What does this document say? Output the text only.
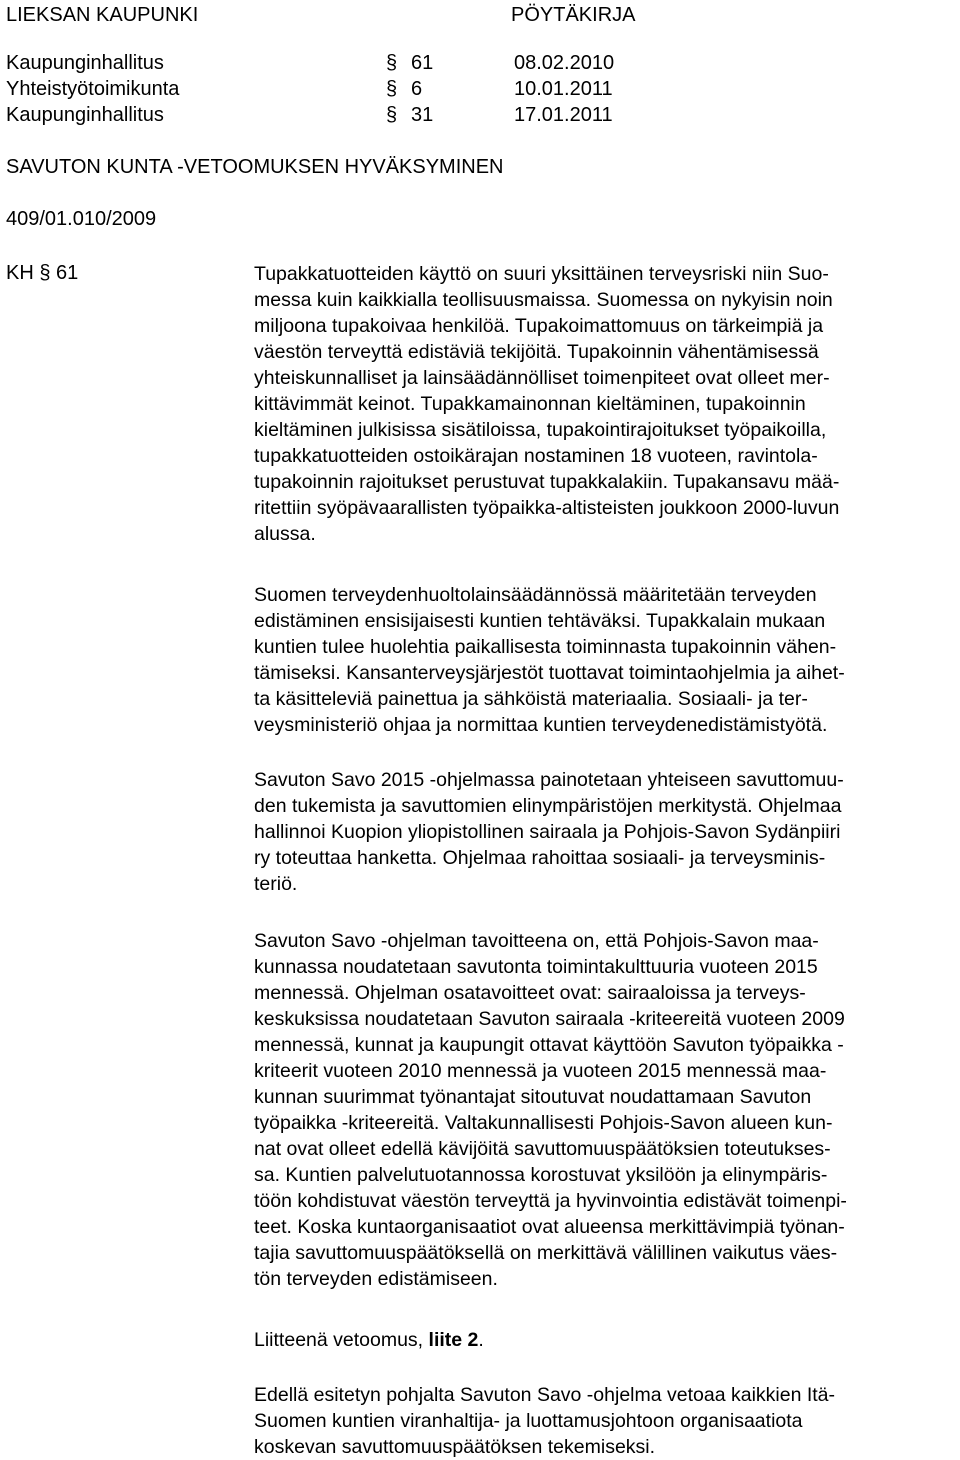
LIEKSAN KAUPUNKI	PÖYTÄKIRJA
Kaupunginhallitus	§ 61	08.02.2010
Yhteistyötoimikunta	§ 6	10.01.2011
Kaupunginhallitus	§ 31	17.01.2011
SAVUTON KUNTA -VETOOMUKSEN HYVÄKSYMINEN
409/01.010/2009
KH § 61	Tupakkatuotteiden käyttö on suuri yksittäinen terveysriski niin Suo-
messa kuin kaikkialla teollisuusmaissa. Suomessa on nykyisin noin
miljoona tupakoivaa henkilöä. Tupakoimattomuus on tärkeimpiä ja
väestön terveyttä edistäviä tekijöitä. Tupakoinnin vähentämisessä
yhteiskunnalliset ja lainsäädännölliset toimenpiteet ovat olleet mer-
kittävimmät keinot. Tupakkamainonnan kieltäminen, tupakoinnin
kieltäminen julkisissa sisätiloissa, tupakointirajoitukset työpaikoilla,
tupakkatuotteiden ostoikärajan nostaminen 18 vuoteen, ravintola-
tupakoinnin rajoitukset perustuvat tupakkalakiin. Tupakansavu mää-
ritettiin syöpävaarallisten työpaikka-altisteisten joukkoon 2000-luvun
alussa.

Suomen terveydenhuoltolainsäädännössä määritetään terveyden
edistäminen ensisijaisesti kuntien tehtäväksi. Tupakkalain mukaan
kuntien tulee huolehtia paikallisesta toiminnasta tupakoinnin vähen-
tämiseksi. Kansanterveysjärjestöt tuottavat toimintaohjelmia ja aihet-
ta käsitteleviä painettua ja sähköistä materiaalia. Sosiaali- ja ter-
veysministeriö ohjaa ja normittaa kuntien terveydenedistämistyötä.

Savuton Savo 2015 -ohjelmassa painotetaan yhteiseen savuttomuu-
den tukemista ja savuttomien elinympäristöjen merkitystä. Ohjelmaa
hallinnoi Kuopion yliopistollinen sairaala ja Pohjois-Savon Sydänpiiri
ry toteuttaa hanketta. Ohjelmaa rahoittaa sosiaali- ja terveysminis-
teriö.

Savuton Savo -ohjelman tavoitteena on, että Pohjois-Savon maa-
kunnassa noudatetaan savutonta toimintakulttuuria vuoteen 2015
mennessä. Ohjelman osatavoitteet ovat: sairaaloissa ja terveys-
keskuksissa noudatetaan Savuton sairaala -kriteereitä vuoteen 2009
mennessä, kunnat ja kaupungit ottavat käyttöön Savuton työpaikka -
kriteerit vuoteen 2010 mennessä ja vuoteen 2015 mennessä maa-
kunnan suurimmat työnantajat sitoutuvat noudattamaan Savuton
työpaikka -kriteereitä. Valtakunnallisesti Pohjois-Savon alueen kun-
nat ovat olleet edellä kävijöitä savuttomuuspäätöksien toteutukses-
sa. Kuntien palvelutuotannossa korostuvat yksilöön ja elinympäris-
töön kohdistuvat väestön terveyttä ja hyvinvointia edistävät toimenpi-
teet. Koska kuntaorganisaatiot ovat alueensa merkittävimpiä työnan-
tajia savuttomuuspäätöksellä on merkittävä välillinen vaikutus väes-
tön terveyden edistämiseen.

Liitteenä vetoomus, liite 2.

Edellä esitetyn pohjalta Savuton Savo -ohjelma vetoaa kaikkien Itä-
Suomen kuntien viranhaltija- ja luottamusjohtoon organisaatiota
koskevan savuttomuuspäätöksen tekemiseksi.
